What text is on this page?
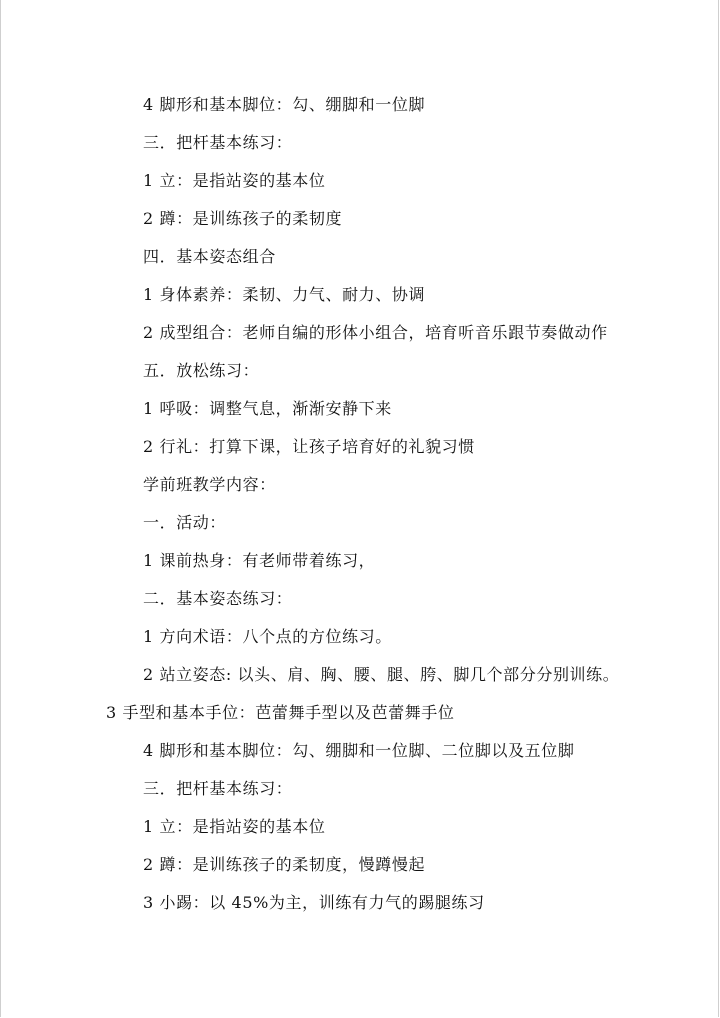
4 脚形和基本脚位：勾、绷脚和一位脚
三．把杆基本练习：
1 立：是指站姿的基本位
2 蹲：是训练孩子的柔韧度
四．基本姿态组合
1 身体素养：柔韧、力气、耐力、协调
2 成型组合：老师自编的形体小组合，培育听音乐跟节奏做动作
五．放松练习：
1 呼吸：调整气息，渐渐安静下来
2 行礼：打算下课，让孩子培育好的礼貌习惯
学前班教学内容：
一．活动：
1 课前热身：有老师带着练习，
二．基本姿态练习：
1 方向术语：八个点的方位练习。
2 站立姿态: 以头、肩、胸、腰、腿、胯、脚几个部分分别训练。
3 手型和基本手位：芭蕾舞手型以及芭蕾舞手位
4 脚形和基本脚位：勾、绷脚和一位脚、二位脚以及五位脚
三．把杆基本练习：
1 立：是指站姿的基本位
2 蹲：是训练孩子的柔韧度，慢蹲慢起
3 小踢：以 45%为主，训练有力气的踢腿练习
